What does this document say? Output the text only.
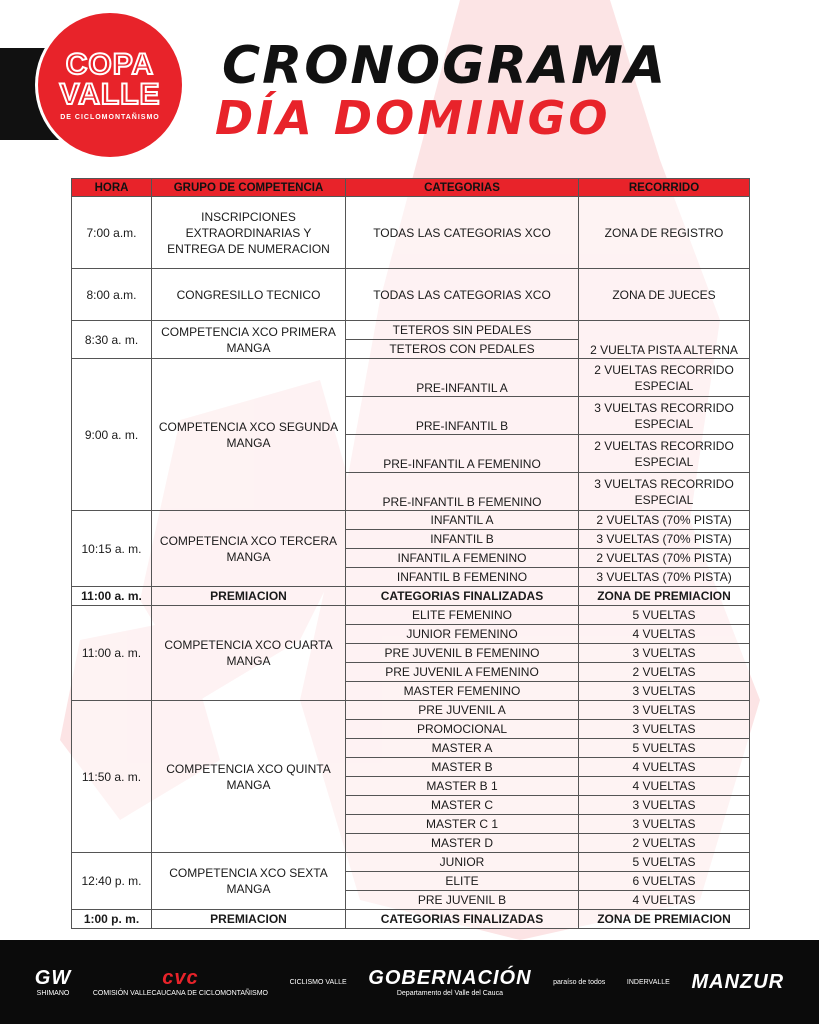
COPA
VALLE
DE CICLOMONTAÑISMO
CRONOGRAMA
DÍA DOMINGO
HORA	GRUPO DE COMPETENCIA	CATEGORIAS	RECORRIDO
7:00 a.m.	INSCRIPCIONES EXTRAORDINARIAS Y ENTREGA DE NUMERACION	TODAS LAS CATEGORIAS XCO	ZONA DE REGISTRO
8:00 a.m.	CONGRESILLO TECNICO	TODAS LAS CATEGORIAS XCO	ZONA DE JUECES
8:30 a. m.	COMPETENCIA XCO PRIMERA MANGA	TETEROS SIN PEDALES	2 VUELTA PISTA ALTERNA
		TETEROS CON PEDALES	
9:00 a. m.	COMPETENCIA XCO SEGUNDA MANGA	PRE-INFANTIL A	2 VUELTAS RECORRIDO ESPECIAL
		PRE-INFANTIL B	3 VUELTAS RECORRIDO ESPECIAL
		PRE-INFANTIL A FEMENINO	2 VUELTAS RECORRIDO ESPECIAL
		PRE-INFANTIL B FEMENINO	3 VUELTAS RECORRIDO ESPECIAL
10:15 a. m.	COMPETENCIA XCO TERCERA MANGA	INFANTIL A	2 VUELTAS (70% PISTA)
		INFANTIL B	3 VUELTAS (70% PISTA)
		INFANTIL A FEMENINO	2 VUELTAS (70% PISTA)
		INFANTIL B FEMENINO	3 VUELTAS (70% PISTA)
11:00 a. m.	PREMIACION	CATEGORIAS FINALIZADAS	ZONA DE PREMIACION
11:00 a. m.	COMPETENCIA XCO CUARTA MANGA	ELITE FEMENINO	5 VUELTAS
		JUNIOR FEMENINO	4 VUELTAS
		PRE JUVENIL B FEMENINO	3 VUELTAS
		PRE JUVENIL A FEMENINO	2 VUELTAS
		MASTER FEMENINO	3 VUELTAS
11:50 a. m.	COMPETENCIA XCO QUINTA MANGA	PRE JUVENIL A	3 VUELTAS
		PROMOCIONAL	3 VUELTAS
		MASTER A	5 VUELTAS
		MASTER B	4 VUELTAS
		MASTER B 1	4 VUELTAS
		MASTER C	3 VUELTAS
		MASTER C 1	3 VUELTAS
		MASTER D	2 VUELTAS
12:40 p. m.	COMPETENCIA XCO SEXTA MANGA	JUNIOR	5 VUELTAS
		ELITE	6 VUELTAS
		PRE JUVENIL B	4 VUELTAS
1:00 p. m.	PREMIACION	CATEGORIAS FINALIZADAS	ZONA DE PREMIACION
GW
SHIMANO
cvc
COMISIÓN VALLECAUCANA DE CICLOMONTAÑISMO
CICLISMO VALLE GOBERNACIÓN
Departamento del Valle del Cauca
paraíso de todos	INDERVALLE MANZUR
